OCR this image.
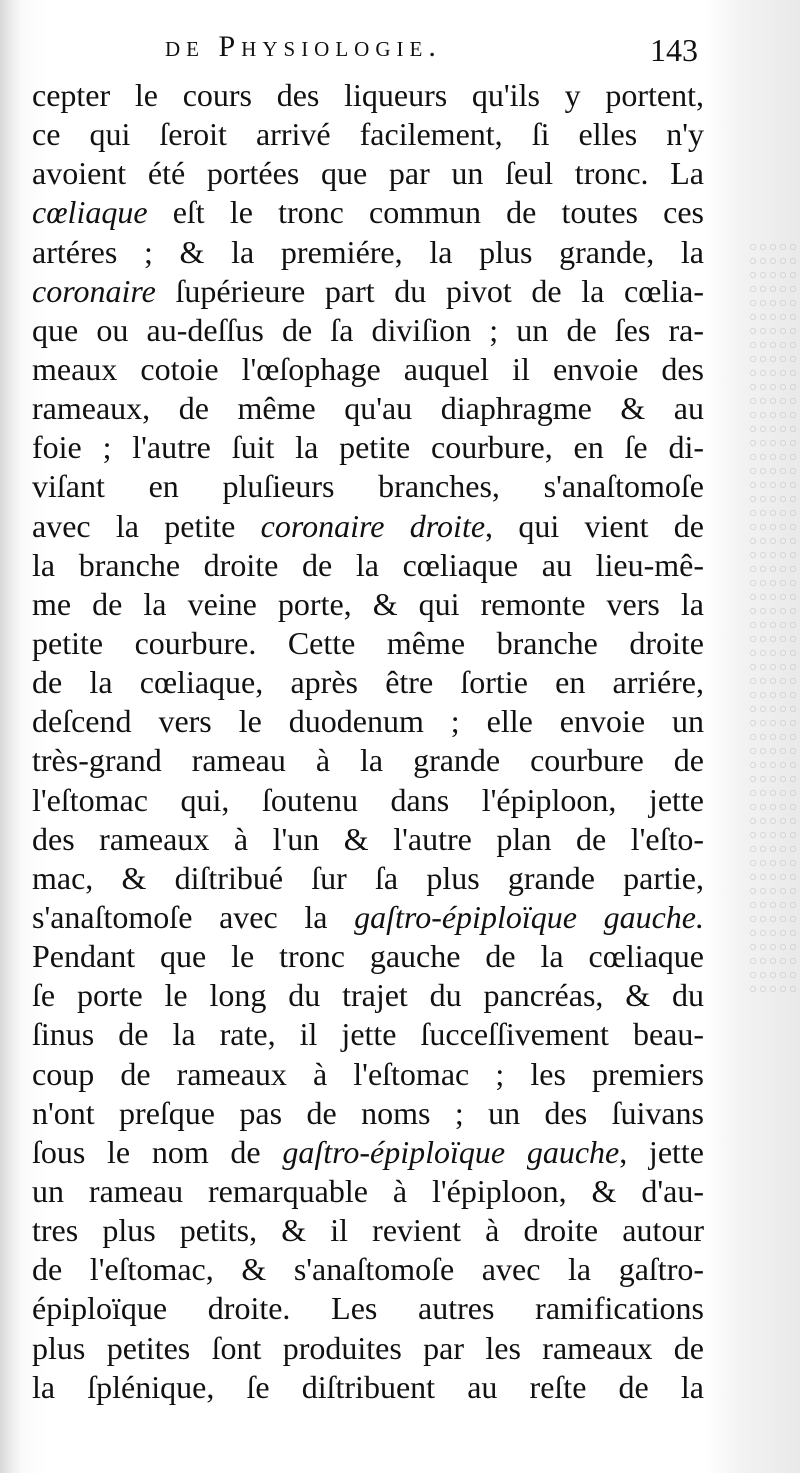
de Physiologie.	143
cepter le cours des liqueurs qu'ils y portent,
ce qui ſeroit arrivé facilement, ſi elles n'y
avoient été portées que par un ſeul tronc. La
cœliaque eſt le tronc commun de toutes ces
artéres ; & la premiére, la plus grande, la
coronaire ſupérieure part du pivot de la cœlia-
que ou au-deſſus de ſa diviſion ; un de ſes ra-
meaux cotoie l'œſophage auquel il envoie des
rameaux, de même qu'au diaphragme & au
foie ; l'autre ſuit la petite courbure, en ſe di-
viſant en pluſieurs branches, s'anaſtomoſe
avec la petite coronaire droite, qui vient de
la branche droite de la cœliaque au lieu-mê-
me de la veine porte, & qui remonte vers la
petite courbure. Cette même branche droite
de la cœliaque, après être ſortie en arriére,
deſcend vers le duodenum ; elle envoie un
très-grand rameau à la grande courbure de
l'eſtomac qui, ſoutenu dans l'épiploon, jette
des rameaux à l'un & l'autre plan de l'eſto-
mac, & diſtribué ſur ſa plus grande partie,
s'anaſtomoſe avec la gaſtro-épiploïque gauche.
Pendant que le tronc gauche de la cœliaque
ſe porte le long du trajet du pancréas, & du
ſinus de la rate, il jette ſucceſſivement beau-
coup de rameaux à l'eſtomac ; les premiers
n'ont preſque pas de noms ; un des ſuivans
ſous le nom de gaſtro-épiploïque gauche, jette
un rameau remarquable à l'épiploon, & d'au-
tres plus petits, & il revient à droite autour
de l'eſtomac, & s'anaſtomoſe avec la gaſtro-
épiploïque droite. Les autres ramifications
plus petites ſont produites par les rameaux de
la ſplénique, ſe diſtribuent au reſte de la
